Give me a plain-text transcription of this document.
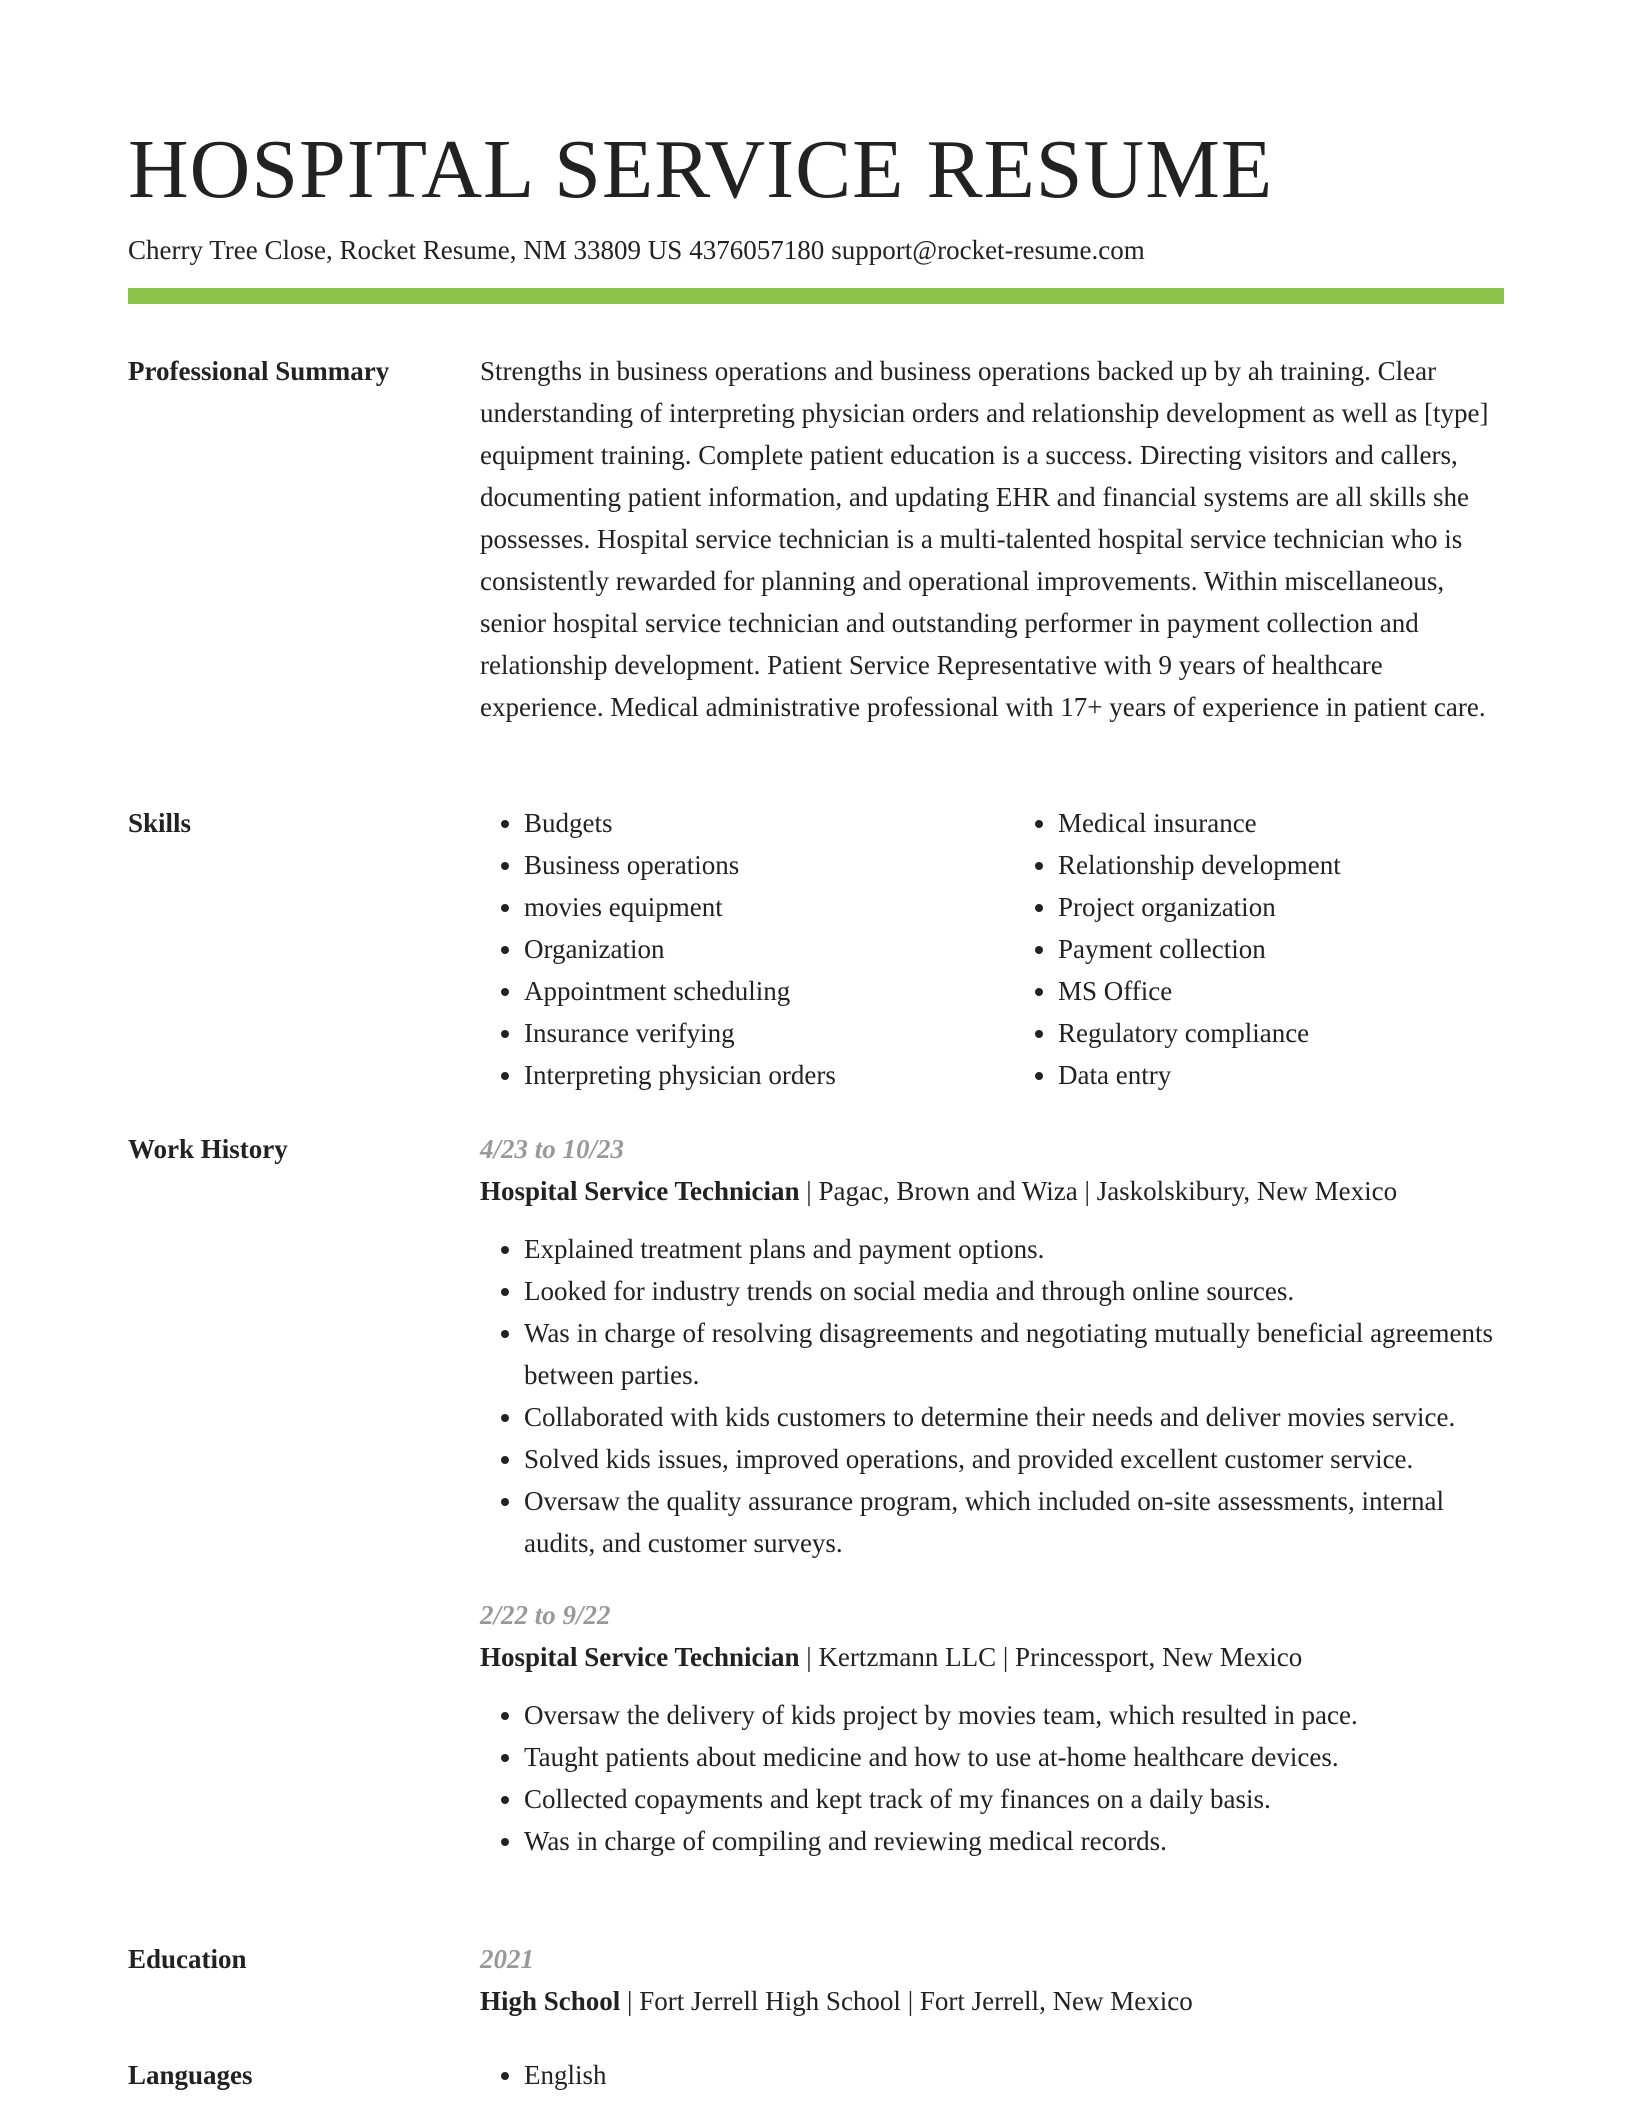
HOSPITAL SERVICE RESUME
Cherry Tree Close, Rocket Resume, NM 33809 US 4376057180 support@rocket-resume.com
Professional Summary	Strengths in business operations and business operations backed up by ah training. Clear understanding of interpreting physician orders and relationship development as well as [type] equipment training. Complete patient education is a success. Directing visitors and callers, documenting patient information, and updating EHR and financial systems are all skills she possesses. Hospital service technician is a multi-talented hospital service technician who is consistently rewarded for planning and operational improvements. Within miscellaneous, senior hospital service technician and outstanding performer in payment collection and relationship development. Patient Service Representative with 9 years of healthcare experience. Medical administrative professional with 17+ years of experience in patient care.

Skills	• Budgets
• Business operations
• movies equipment
• Organization
• Appointment scheduling
• Insurance verifying
• Interpreting physician orders
• Medical insurance
• Relationship development
• Project organization
• Payment collection
• MS Office
• Regulatory compliance
• Data entry
Work History	4/23 to 10/23
Hospital Service Technician | Pagac, Brown and Wiza | Jaskolskibury, New Mexico
• Explained treatment plans and payment options.
• Looked for industry trends on social media and through online sources.
• Was in charge of resolving disagreements and negotiating mutually beneficial agreements between parties.
• Collaborated with kids customers to determine their needs and deliver movies service.
• Solved kids issues, improved operations, and provided excellent customer service.
• Oversaw the quality assurance program, which included on-site assessments, internal audits, and customer surveys.
2/22 to 9/22
Hospital Service Technician | Kertzmann LLC | Princessport, New Mexico
• Oversaw the delivery of kids project by movies team, which resulted in pace.
• Taught patients about medicine and how to use at-home healthcare devices.
• Collected copayments and kept track of my finances on a daily basis.
• Was in charge of compiling and reviewing medical records.
Education	2021
High School | Fort Jerrell High School | Fort Jerrell, New Mexico
Languages	• English
